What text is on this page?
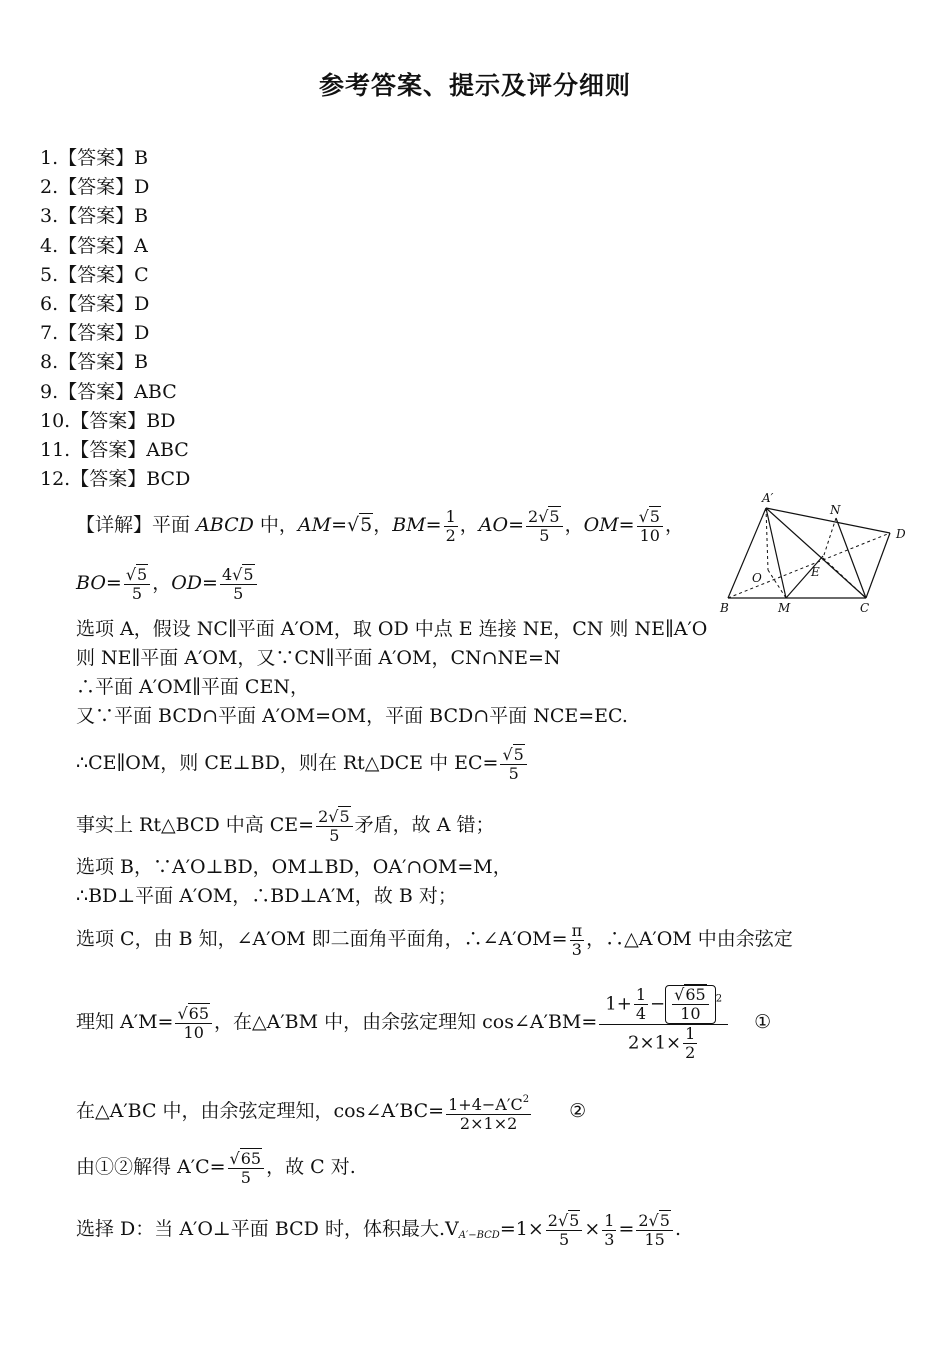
参考答案、提示及评分细则
1.【答案】B
2.【答案】D
3.【答案】B
4.【答案】A
5.【答案】C
6.【答案】D
7.【答案】D
8.【答案】B
9.【答案】ABC
10.【答案】BD
11.【答案】ABC
12.【答案】BCD
【详解】平面 ABCD 中，AM=√5，$BM= \frac{1}{2}$ ，$AO= \frac{2√5}{5}$ ，$OM= \frac{√5}{10}$ ，
$BO= \frac{√5}{5}$ ，$OD= \frac{4√5}{5}$
选项 A，假设 NC∥平面 A′OM，取 OD 中点 E 连接 NE，CN 则 NE∥A′O
则 NE∥平面 A′OM，又∵CN∥平面 A′OM，CN∩NE=N
∴平面 A′OM∥平面 CEN，
又∵平面 BCD∩平面 A′OM=OM，平面 BCD∩平面 NCE=EC.
∴CE∥OM，则 CE⊥BD，则在 Rt△DCE 中 $EC= \frac{√5}{5}$
事实上 Rt△BCD 中高 $CE= \frac{2√5}{5}$ 矛盾，故 A 错；
选项 B，∵A′O⊥BD，OM⊥BD，OA′∩OM=M，
∴BD⊥平面 A′OM，∴BD⊥A′M，故 B 对；
选项 C，由 B 知，∠A′OM 即二面角平面角，∴∠A′OM= $\frac{\pi}{3}$ ，∴△A′OM 中由余弦定
理知 $A'M= \frac{√65}{10}$ ，在△A′BM 中，由余弦定理知 cos∠A′BM= $\frac{1+ \frac{1}{4} - \frac{√65}{10} ^2}{2\times 1\times \frac{1}{2}}$ ①
在△A′BC 中，由余弦定理知，cos∠A′BC= $\frac{1+4-A'C^2}{2\times 1\times 2}$ ②
由①②解得 $A'C= \frac{√65}{5}$ ，故 C 对.
选择 D：当 A′O⊥平面 BCD 时，体积最大$.V_{A'-BCD}=1\times \frac{2√5}{5} \times \frac{1}{3} = \frac{2√5}{15}$ .
A′
N
D
O	E
B	M	C
